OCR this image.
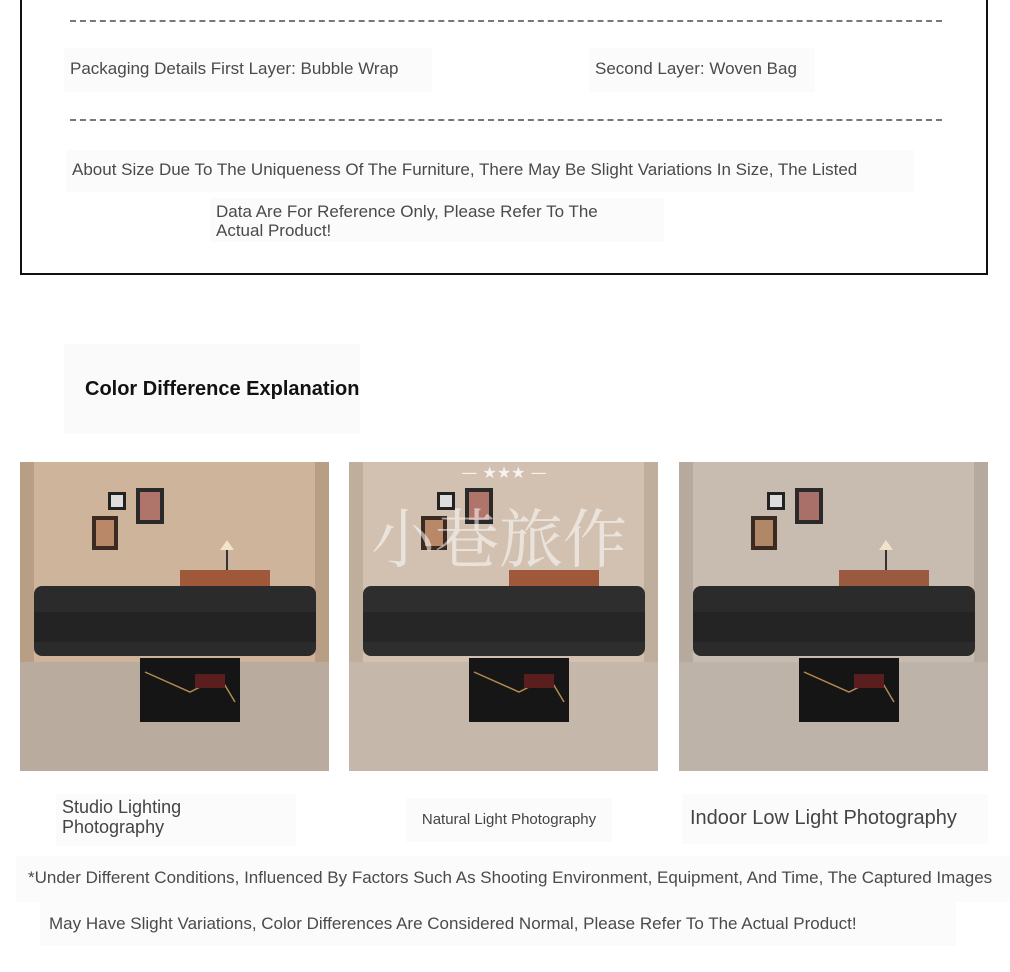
Packaging Details First Layer: Bubble Wrap	Second Layer: Woven Bag
About Size Due To The Uniqueness Of The Furniture, There May Be Slight Variations In Size, The Listed
Data Are For Reference Only, Please Refer To The
Actual Product!
Color Difference Explanation
— ★★★ —
小巷旅作
Studio Lighting
Photography	Natural Light Photography	Indoor Low Light Photography
*Under Different Conditions, Influenced By Factors Such As Shooting Environment, Equipment, And Time, The Captured Images
May Have Slight Variations, Color Differences Are Considered Normal, Please Refer To The Actual Product!
